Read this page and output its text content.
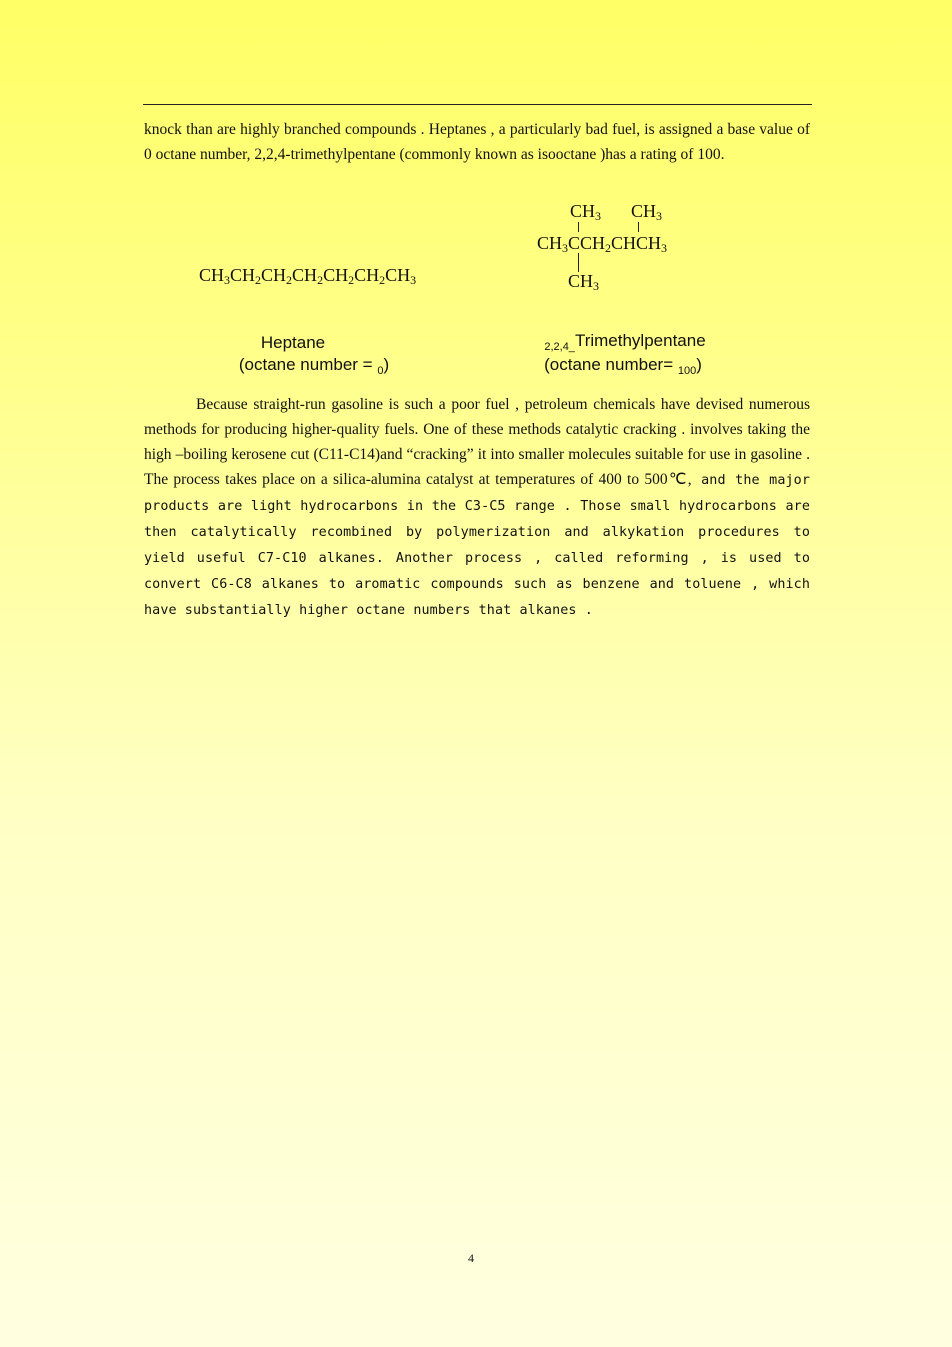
knock than are highly branched compounds . Heptanes , a particularly bad fuel, is assigned a base value of 0 octane number, 2,2,4-trimethylpentane (commonly known as isooctane )has a rating of 100.

$CH_3CH_2CH_2CH_2CH_2CH_2CH_3$
$CH_3$ $CH_3$
$CH_3CCH_2CHCH_3$
$CH_3$
Heptane
(octane number = $_0$)
$_{2,2,4\_}$Trimethylpentane
(octane number= $_{100}$)

Because straight-run gasoline is such a poor fuel , petroleum chemicals have devised numerous methods for producing higher-quality fuels. One of these methods catalytic cracking . involves taking the high –boiling kerosene cut (C11-C14)and “cracking” it into smaller molecules suitable for use in gasoline . The process takes place on a silica-alumina catalyst at temperatures of 400 to 500℃, and the major products are light hydrocarbons in the C3-C5 range . Those small hydrocarbons are then catalytically recombined by polymerization and alkykation procedures to yield useful C7-C10 alkanes. Another process , called reforming , is used to convert C6-C8 alkanes to aromatic compounds such as benzene and toluene , which have substantially higher octane numbers that alkanes .

4
